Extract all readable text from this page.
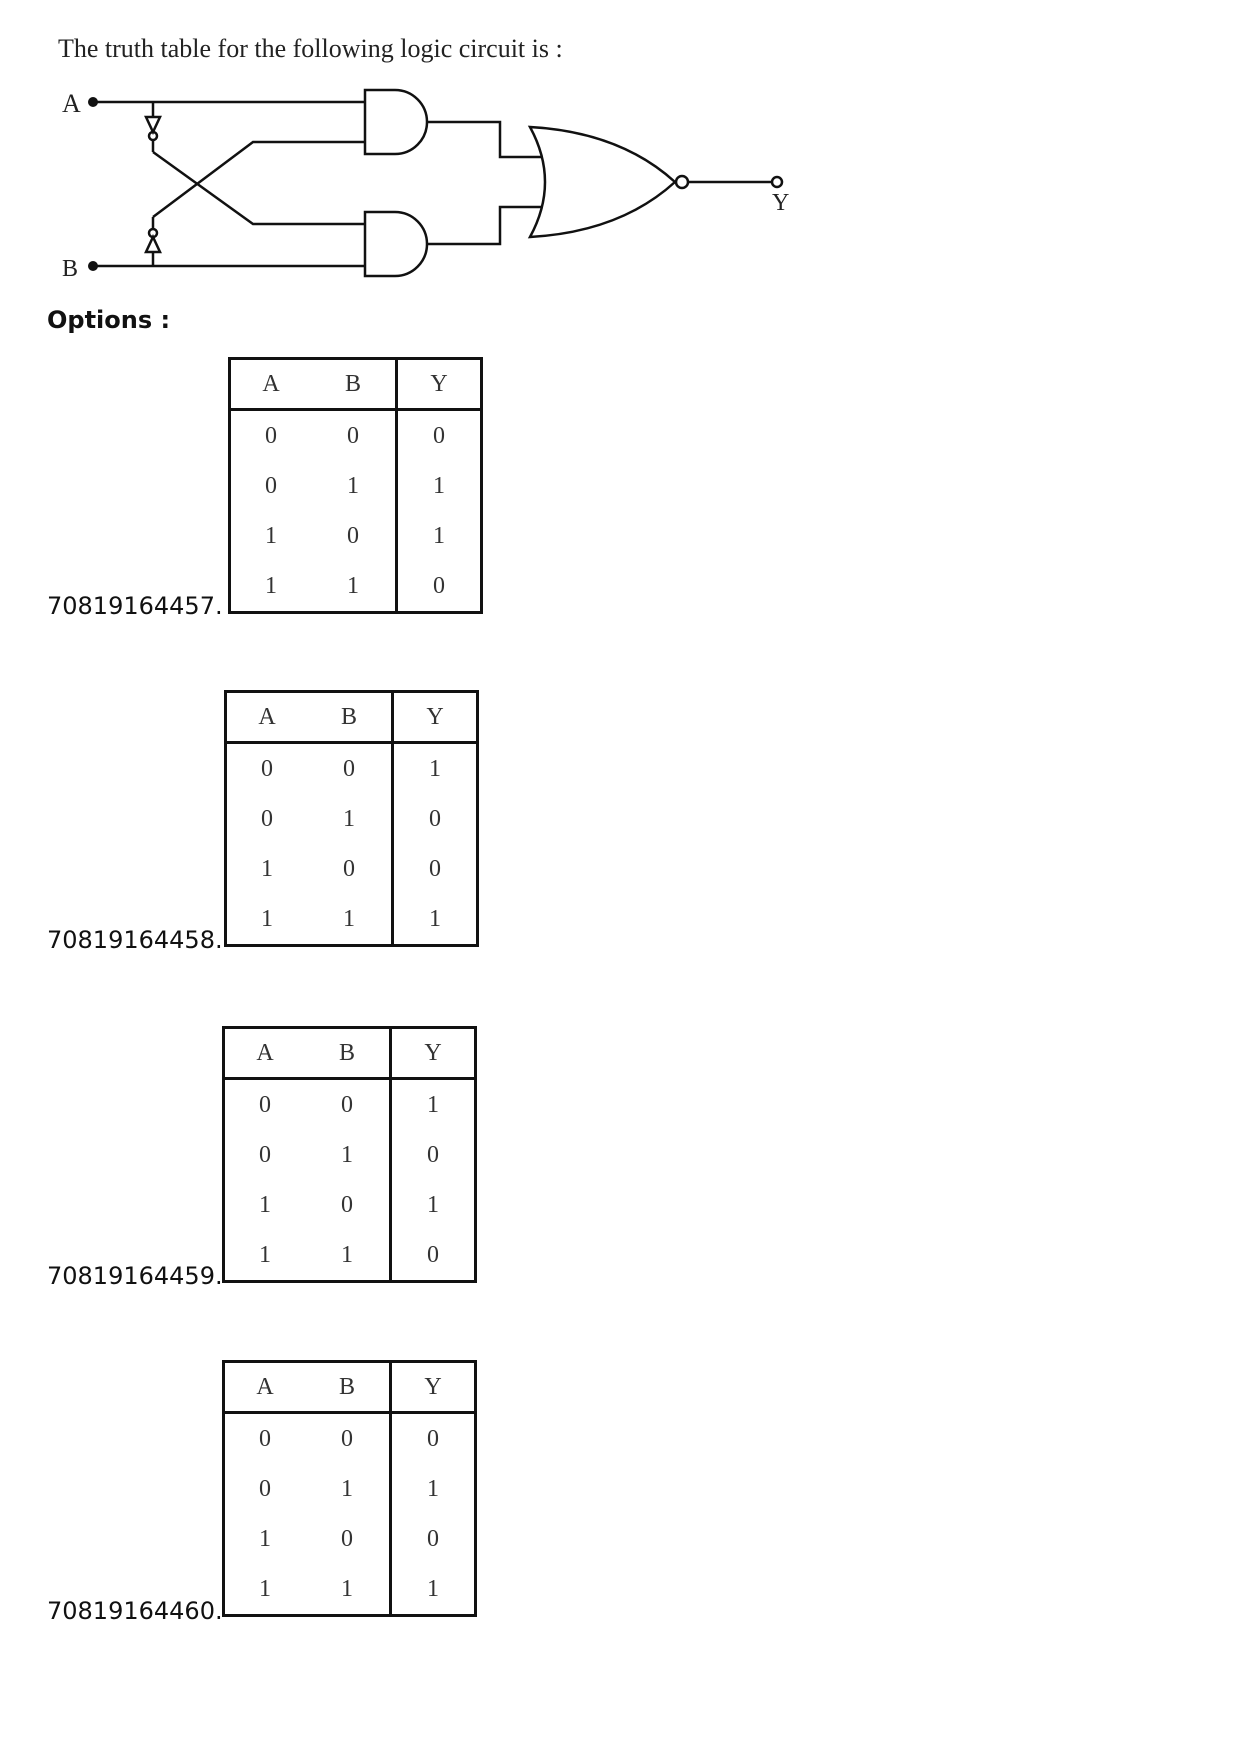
The truth table for the following logic circuit is :
A
B
Y
Options :
A	B	Y
0	0	0
0	1	1
1	0	1
1	1	0
70819164457.
A	B	Y
0	0	1
0	1	0
1	0	0
1	1	1
70819164458.
A	B	Y
0	0	1
0	1	0
1	0	1
1	1	0
70819164459.
A	B	Y
0	0	0
0	1	1
1	0	0
1	1	1
70819164460.
